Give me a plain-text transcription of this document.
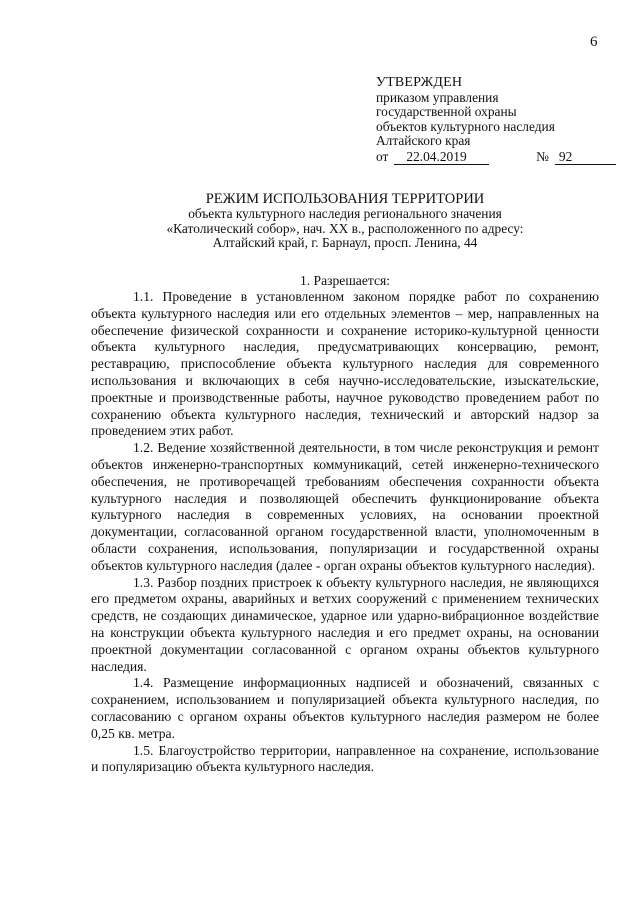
6
УТВЕРЖДЕН
приказом управления
государственной охраны
объектов культурного наследия
Алтайского края
от	22.04.2019	№ 92
РЕЖИМ ИСПОЛЬЗОВАНИЯ ТЕРРИТОРИИ
объекта культурного наследия регионального значения
«Католический собор», нач. XX в., расположенного по адресу:
Алтайский край, г. Барнаул, просп. Ленина, 44
1. Разрешается:

1.1. Проведение в установленном законом порядке работ по сохранению объекта культурного наследия или его отдельных элементов – мер, направленных на обеспечение физической сохранности и сохранение историко-культурной ценности объекта культурного наследия, предусматривающих консервацию, ремонт, реставрацию, приспособление объекта культурного наследия для современного использования и включающих в себя научно-исследовательские, изыскательские, проектные и производственные работы, научное руководство проведением работ по сохранению объекта культурного наследия, технический и авторский надзор за проведением этих работ.

1.2. Ведение хозяйственной деятельности, в том числе реконструкция и ремонт объектов инженерно-транспортных коммуникаций, сетей инженерно-технического обеспечения, не противоречащей требованиям обеспечения сохранности объекта культурного наследия и позволяющей обеспечить функционирование объекта культурного наследия в современных условиях, на основании проектной документации, согласованной органом государственной власти, уполномоченным в области сохранения, использования, популяризации и государственной охраны объектов культурного наследия (далее - орган охраны объектов культурного наследия).

1.3. Разбор поздних пристроек к объекту культурного наследия, не являющихся его предметом охраны, аварийных и ветхих сооружений с применением технических средств, не создающих динамическое, ударное или ударно-вибрационное воздействие на конструкции объекта культурного наследия и его предмет охраны, на основании проектной документации согласованной с органом охраны объектов культурного наследия.

1.4. Размещение информационных надписей и обозначений, связанных с сохранением, использованием и популяризацией объекта культурного наследия, по согласованию с органом охраны объектов культурного наследия размером не более 0,25 кв. метра.

1.5. Благоустройство территории, направленное на сохранение, использование и популяризацию объекта культурного наследия.
